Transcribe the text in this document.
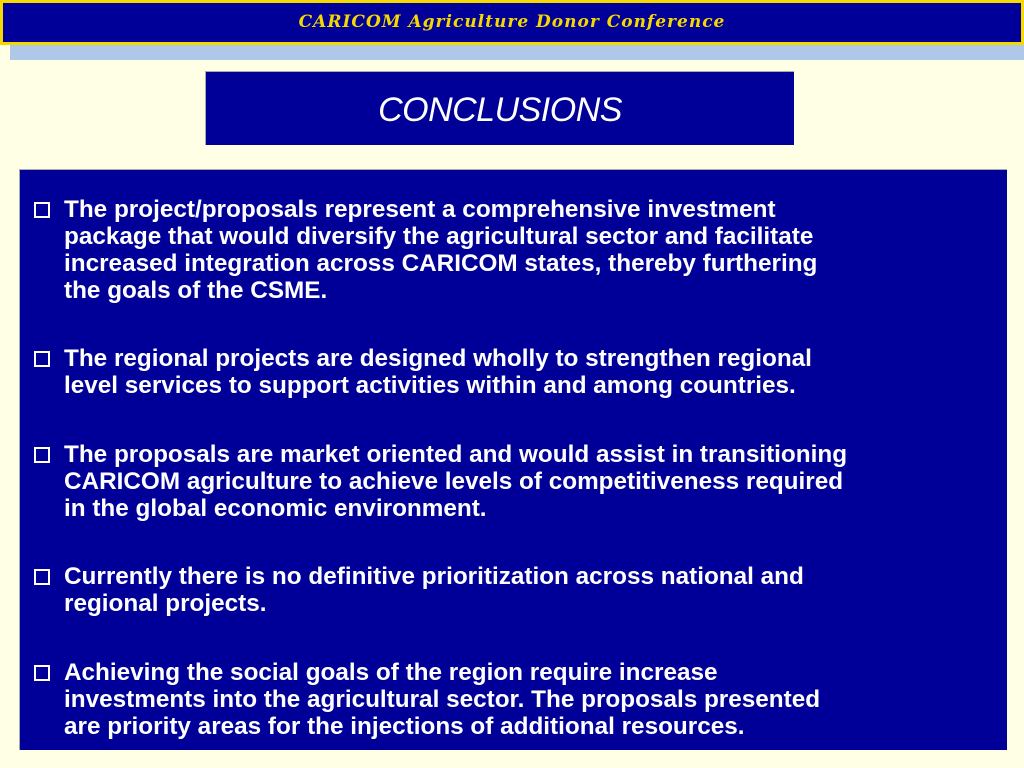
CARICOM Agriculture Donor Conference
CONCLUSIONS
The project/proposals represent a comprehensive investment
package that would diversify the agricultural sector and facilitate
increased integration across CARICOM states, thereby furthering
the goals of the CSME.
The regional projects are designed wholly to strengthen regional
level services to support activities within and among countries.
The proposals are market oriented and would assist in transitioning
CARICOM agriculture to achieve levels of competitiveness required
in the global economic environment.
Currently there is no definitive prioritization across national and
regional projects.
Achieving the social goals of the region require increase
investments into the agricultural sector. The proposals presented
are priority areas for the injections of additional resources.
